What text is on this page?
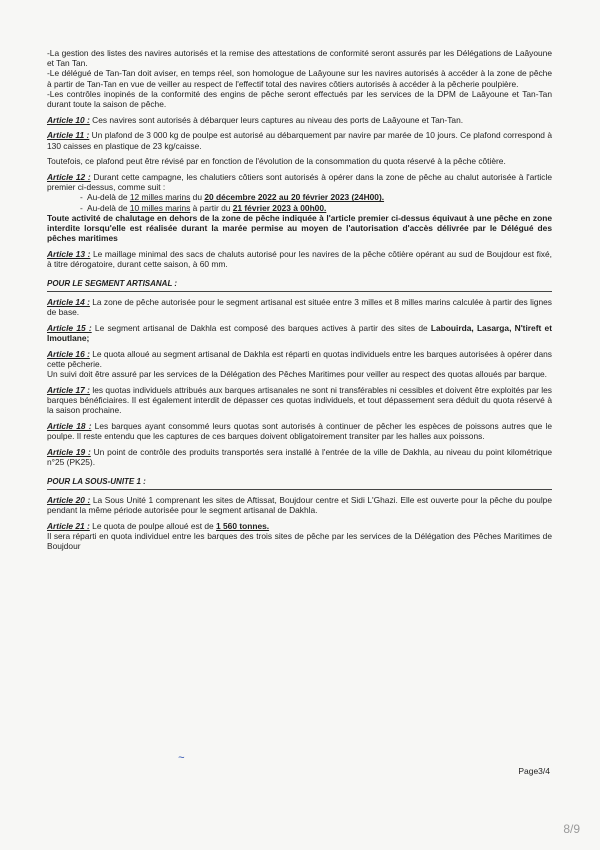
-La gestion des listes des navires autorisés et la remise des attestations de conformité seront assurés par les Délégations de Laâyoune et Tan Tan.

-Le délégué de Tan-Tan doit aviser, en temps réel, son homologue de Laâyoune sur les navires autorisés à accéder à la zone de pêche à partir de Tan-Tan en vue de veiller au respect de l'effectif total des navires côtiers autorisés à accéder à la pêcherie poulpière.

-Les contrôles inopinés de la conformité des engins de pêche seront effectués par les services de la DPM de Laâyoune et Tan-Tan durant toute la saison de pêche.

Article 10 : Ces navires sont autorisés à débarquer leurs captures au niveau des ports de Laâyoune et Tan-Tan.

Article 11 : Un plafond de 3 000 kg de poulpe est autorisé au débarquement par navire par marée de 10 jours. Ce plafond correspond à 130 caisses en plastique de 23 kg/caisse.

Toutefois, ce plafond peut être révisé par en fonction de l'évolution de la consommation du quota réservé à la pêche côtière.

Article 12 : Durant cette campagne, les chalutiers côtiers sont autorisés à opérer dans la zone de pêche au chalut autorisée à l'article premier ci-dessus, comme suit :

- Au-delà de 12 milles marins du 20 décembre 2022 au 20 février 2023 (24H00).
- Au-delà de 10 milles marins à partir du 21 février 2023 à 00h00.

Toute activité de chalutage en dehors de la zone de pêche indiquée à l'article premier ci-dessus équivaut à une pêche en zone interdite lorsqu'elle est réalisée durant la marée permise au moyen de l'autorisation d'accès délivrée par le Délégué des pêches maritimes

Article 13 : Le maillage minimal des sacs de chaluts autorisé pour les navires de la pêche côtière opérant au sud de Boujdour est fixé, à titre dérogatoire, durant cette saison, à 60 mm.

POUR LE SEGMENT ARTISANAL :

Article 14 : La zone de pêche autorisée pour le segment artisanal est située entre 3 milles et 8 milles marins calculée à partir des lignes de base.

Article 15 : Le segment artisanal de Dakhla est composé des barques actives à partir des sites de Labouirda, Lasarga, N'tireft et Imoutlane;

Article 16 : Le quota alloué au segment artisanal de Dakhla est réparti en quotas individuels entre les barques autorisées à opérer dans cette pêcherie.

Un suivi doit être assuré par les services de la Délégation des Pêches Maritimes pour veiller au respect des quotas alloués par barque.

Article 17 : les quotas individuels attribués aux barques artisanales ne sont ni transférables ni cessibles et doivent être exploités par les barques bénéficiaires. Il est également interdit de dépasser ces quotas individuels, et tout dépassement sera déduit du quota réservé à la saison prochaine.

Article 18 : Les barques ayant consommé leurs quotas sont autorisés à continuer de pêcher les espèces de poissons autres que le poulpe. Il reste entendu que les captures de ces barques doivent obligatoirement transiter par les halles aux poissons.

Article 19 : Un point de contrôle des produits transportés sera installé à l'entrée de la ville de Dakhla, au niveau du point kilométrique n°25 (PK25).

POUR LA SOUS-UNITE 1 :

Article 20 : La Sous Unité 1 comprenant les sites de Aftissat, Boujdour centre et Sidi L'Ghazi. Elle est ouverte pour la pêche du poulpe pendant la même période autorisée pour le segment artisanal de Dakhla.

Article 21 : Le quota de poulpe alloué est de 1 560 tonnes.

Il sera réparti en quota individuel entre les barques des trois sites de pêche par les services de la Délégation des Pêches Maritimes de Boujdour

~
Page3/4
8/9
